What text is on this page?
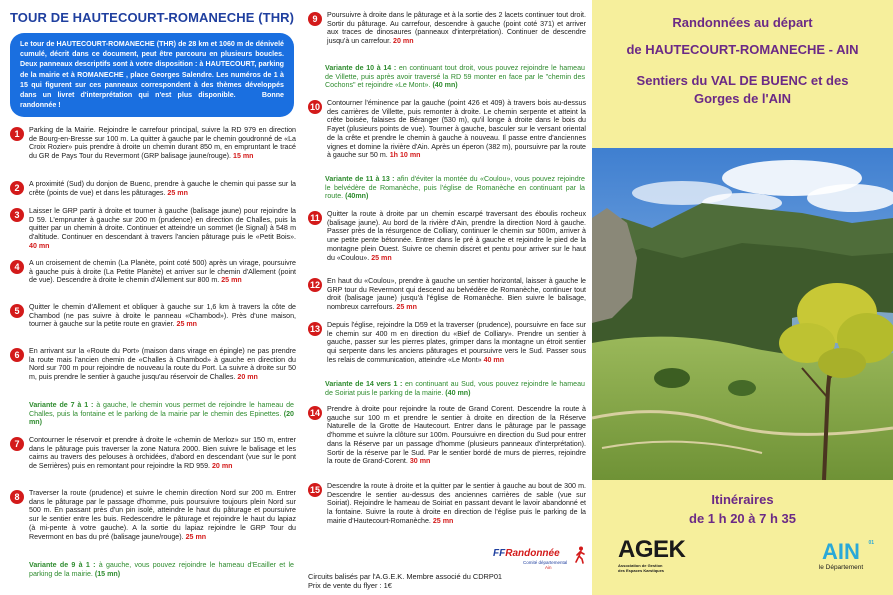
TOUR DE HAUTECOURT-ROMANECHE (THR)
Le tour de HAUTECOURT-ROMANECHE (THR) de 28 km et 1060 m de dénivelé cumulé, décrit dans ce document, peut être parcouru en plusieurs boucles. Deux panneaux descriptifs sont à votre disposition : à HAUTECOURT, parking de la mairie et à ROMANECHE , place Georges Salendre. Les numéros de 1 à 15 qui figurent sur ces panneaux correspondent à des thèmes développés dans un livret d'interprétation qui n'est plus disponible.	Bonne randonnée !
1	Parking de la Mairie. Rejoindre le carrefour principal, suivre la RD 979 en direction de Bourg-en-Bresse sur 100 m. La quitter à gauche par le chemin goudronné de «La Croix Rozier» puis prendre à droite un chemin durant 850 m, en empruntant le tracé du GR de Pays Tour du Revermont (GRP balisage jaune/rouge). 15 mn
2	A proximité (Sud) du donjon de Buenc, prendre à gauche le chemin qui passe sur la crête (points de vue) et dans les pâturages. 25 mn
3	Laisser le GRP partir à droite et tourner à gauche (balisage jaune) pour rejoindre la D 59. L'emprunter à gauche sur 200 m (prudence) en direction de Challes, puis la quitter par un chemin à droite. Continuer et atteindre un sommet (le Signal) à 548 m d'altitude. Continuer en descendant à travers l'ancien pâturage puis le «Petit Bois». 40 mn
4	A un croisement de chemin (La Planète, point coté 500) après un virage, poursuivre à gauche puis à droite (La Petite Planète) et arriver sur le chemin d'Allement (point de vue). Descendre à droite le chemin d'Allement sur 800 m. 25 mn
5	Quitter le chemin d'Allement et obliquer à gauche sur 1,6 km à travers la côte de Chambod (ne pas suivre à droite le panneau «Chambod»). Près d'une maison, tourner à gauche sur la petite route en gravier. 25 mn
6	En arrivant sur la «Route du Port» (maison dans virage en épingle) ne pas prendre la route mais l'ancien chemin de «Challes à Chambod» à gauche en direction du Nord sur 700 m pour rejoindre de nouveau la route du Port. La suivre à droite sur 50 m, puis prendre le sentier à gauche jusqu'au réservoir de Challes. 20 mn
Variante de 7 à 1 : à gauche, le chemin vous permet de rejoindre le hameau de Challes, puis la fontaine et le parking de la mairie par le chemin des Epinettes. (20 mn)
7	Contourner le réservoir et prendre à droite le «chemin de Merloz» sur 150 m, entrer dans le pâturage puis traverser la zone Natura 2000. Bien suivre le balisage et les cairns au travers des pelouses à orchidées, d'abord en descendant (vue sur le pont de Serrières) puis en remontant pour rejoindre la RD 959. 20 mn
8	Traverser la route (prudence) et suivre le chemin direction Nord sur 200 m. Entrer dans le pâturage par le passage d'homme, puis poursuivre toujours plein Nord sur 500 m. En passant près d'un pin isolé, atteindre le haut du pâturage et poursuivre sur le sentier entre les buis. Redescendre le pâturage et rejoindre le haut du lapiaz (à mi-pente à votre gauche). A la sortie du lapiaz rejoindre le GRP Tour du Revermont en bas du pré (balisage jaune/rouge). 25 mn
Variante de 9 à 1 : à gauche, vous pouvez rejoindre le hameau d'Ecailler et le parking de la mairie. (15 mn)
9	Poursuivre à droite dans le pâturage et à la sortie des 2 lacets continuer tout droit. Sortir du pâturage. Au carrefour, descendre à gauche (point coté 371) et arriver aux traces de dinosaures (panneaux d'interprétation). Continuer de descendre jusqu'à un carrefour. 20 mn
Variante de 10 à 14 : en continuant tout droit, vous pouvez rejoindre le hameau de Villette, puis après avoir traversé la RD 59 monter en face par le "chemin des Cochons" et rejoindre «Le Mont». (40 mn)
10 Contourner l'éminence par la gauche (point 426 et 409) à travers bois au-dessus des carrières de Villette, puis remonter à droite. Le chemin serpente et atteint la crête boisée, falaises de Béranger (530 m), qu'il longe à droite dans le bois du Fayet (plusieurs points de vue). Tourner à gauche, basculer sur le versant oriental de la crête et prendre le chemin à gauche à nouveau. Il passe entre d'anciennes vignes et domine la rivière d'Ain. Après un éperon (382 m), poursuivre par la route à gauche sur 50 m. 1h 10 mn
Variante de 11 à 13 : afin d'éviter la montée du «Coulou», vous pouvez rejoindre le belvédère de Romanèche, puis l'église de Romanèche en continuant par la route. (40mn)
11	Quitter la route à droite par un chemin escarpé traversant des éboulis rocheux (balisage jaune). Au bord de la rivière d'Ain, prendre la direction Nord à gauche. Passer près de la résurgence de Colliary, continuer le chemin sur 500m, arriver à une petite pente bétonnée. Entrer dans le pré à gauche et rejoindre le pied de la montagne plein Ouest. Suivre ce chemin discret et pentu pour arriver sur le haut du «Coulou». 25 mn
12 En haut du «Coulou», prendre à gauche un sentier horizontal, laisser à gauche le GRP tour du Revermont qui descend au belvédère de Romanèche, continuer tout droit (balisage jaune) jusqu'à l'église de Romanèche. Bien suivre le balisage, nombreux carrefours. 25 mn
13 Depuis l'église, rejoindre la D59 et la traverser (prudence), poursuivre en face sur le chemin sur 400 m en direction du «Bief de Colliary». Prendre un sentier à gauche, passer sur les pierres plates, grimper dans la montagne un étroit sentier qui serpente dans les anciens pâturages et poursuivre vers le Sud. Passer sous les relais de communication, atteindre «Le Mont» 40 mn
Variante de 14 vers 1 : en continuant au Sud, vous pouvez rejoindre le hameau de Soiriat puis le parking de la mairie. (40 mn)
14 Prendre à droite pour rejoindre la route de Grand Corent. Descendre la route à gauche sur 100 m et prendre le sentier à droite en direction de la Réserve Naturelle de la Grotte de Hautecourt. Entrer dans le pâturage par le passage d'homme et suivre la clôture sur 100m. Poursuivre en direction du Sud pour entrer dans la Réserve par un passage d'homme (plusieurs panneaux d'interprétation). Sortir de la réserve par le Sud. Par le sentier bordé de murs de pierres, rejoindre la route de Grand-Corent. 30 mn
15 Descendre la route à droite et la quitter par le sentier à gauche au bout de 300 m. Descendre le sentier au-dessus des anciennes carrières de sable (vue sur Soiriat). Rejoindre le hameau de Soiriat en passant devant le lavoir abandonné et la fontaine. Suivre la route à droite en direction de l'église puis le parking de la mairie d'Hautecourt-Romanèche. 25 mn
Circuits balisés par l'A.G.E.K. Membre associé du CDRP01
Prix de vente du flyer : 1€
FFRandonnée
Comité départemental
Ain
Randonnées au départ
de HAUTECOURT-ROMANECHE - AIN
Sentiers du VAL DE BUENC et des
Gorges de l'AIN
Itinéraires
de 1 h 20 à 7 h 35
AGEK
Association de Gestion
des Espaces Karstiques
AIN	01
le Département
